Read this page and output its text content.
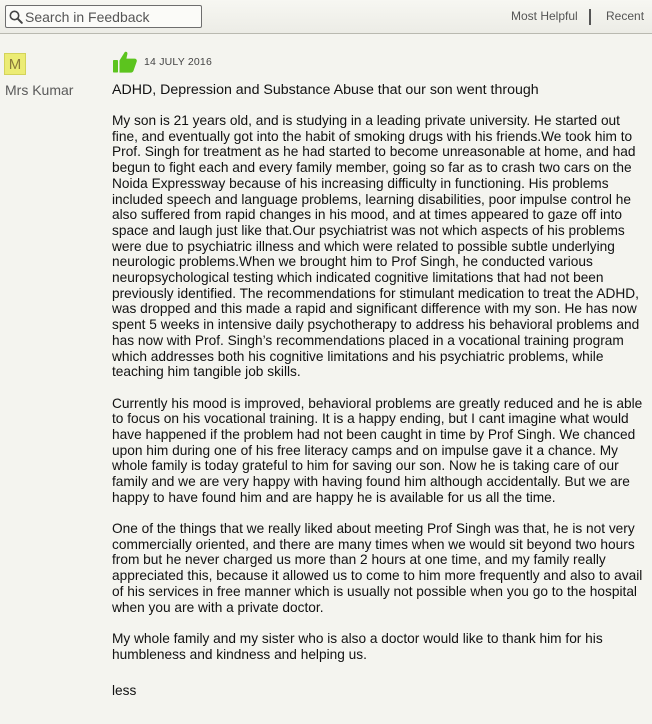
Search in Feedback
Most Helpful Recent
M
Mrs Kumar
14 JULY 2016
ADHD, Depression and Substance Abuse that our son went through

My son is 21 years old, and is studying in a leading private university. He started out fine, and eventually got into the habit of smoking drugs with his friends.We took him to Prof. Singh for treatment as he had started to become unreasonable at home, and had begun to fight each and every family member, going so far as to crash two cars on the Noida Expressway because of his increasing difficulty in functioning. His problems included speech and language problems, learning disabilities, poor impulse control he also suffered from rapid changes in his mood, and at times appeared to gaze off into space and laugh just like that.Our psychiatrist was not which aspects of his problems were due to psychiatric illness and which were related to possible subtle underlying neurologic problems.When we brought him to Prof Singh, he conducted various neuropsychological testing which indicated cognitive limitations that had not been previously identified. The recommendations for stimulant medication to treat the ADHD, was dropped and this made a rapid and significant difference with my son. He has now spent 5 weeks in intensive daily psychotherapy to address his behavioral problems and has now with Prof. Singh’s recommendations placed in a vocational training program which addresses both his cognitive limitations and his psychiatric problems, while teaching him tangible job skills.

Currently his mood is improved, behavioral problems are greatly reduced and he is able to focus on his vocational training. It is a happy ending, but I cant imagine what would have happened if the problem had not been caught in time by Prof Singh. We chanced upon him during one of his free literacy camps and on impulse gave it a chance. My whole family is today grateful to him for saving our son. Now he is taking care of our family and we are very happy with having found him although accidentally. But we are happy to have found him and are happy he is available for us all the time.

One of the things that we really liked about meeting Prof Singh was that, he is not very commercially oriented, and there are many times when we would sit beyond two hours from but he never charged us more than 2 hours at one time, and my family really appreciated this, because it allowed us to come to him more frequently and also to avail of his services in free manner which is usually not possible when you go to the hospital when you are with a private doctor.

My whole family and my sister who is also a doctor would like to thank him for his humbleness and kindness and helping us.

less
